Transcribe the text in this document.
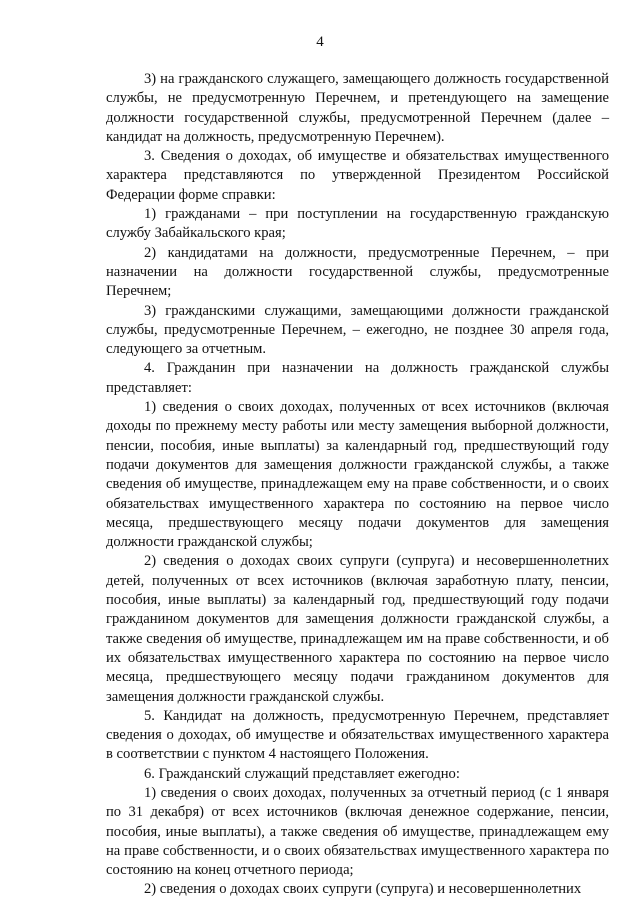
4

3) на гражданского служащего, замещающего должность государственной службы, не предусмотренную Перечнем, и претендующего на замещение должности государственной службы, предусмотренной Перечнем (далее – кандидат на должность, предусмотренную Перечнем).

3. Сведения о доходах, об имуществе и обязательствах имущественного характера представляются по утвержденной Президентом Российской Федерации форме справки:

1) гражданами – при поступлении на государственную гражданскую службу Забайкальского края;

2) кандидатами на должности, предусмотренные Перечнем, – при назначении на должности государственной службы, предусмотренные Перечнем;

3) гражданскими служащими, замещающими должности гражданской службы, предусмотренные Перечнем, – ежегодно, не позднее 30 апреля года, следующего за отчетным.

4. Гражданин при назначении на должность гражданской службы представляет:

1) сведения о своих доходах, полученных от всех источников (включая доходы по прежнему месту работы или месту замещения выборной должности, пенсии, пособия, иные выплаты) за календарный год, предшествующий году подачи документов для замещения должности гражданской службы, а также сведения об имуществе, принадлежащем ему на праве собственности, и о своих обязательствах имущественного характера по состоянию на первое число месяца, предшествующего месяцу подачи документов для замещения должности гражданской службы;

2) сведения о доходах своих супруги (супруга) и несовершеннолетних детей, полученных от всех источников (включая заработную плату, пенсии, пособия, иные выплаты) за календарный год, предшествующий году подачи гражданином документов для замещения должности гражданской службы, а также сведения об имуществе, принадлежащем им на праве собственности, и об их обязательствах имущественного характера по состоянию на первое число месяца, предшествующего месяцу подачи гражданином документов для замещения должности гражданской службы.

5. Кандидат на должность, предусмотренную Перечнем, представляет сведения о доходах, об имуществе и обязательствах имущественного характера в соответствии с пунктом 4 настоящего Положения.

6. Гражданский служащий представляет ежегодно:

1) сведения о своих доходах, полученных за отчетный период (с 1 января по 31 декабря) от всех источников (включая денежное содержание, пенсии, пособия, иные выплаты), а также сведения об имуществе, принадлежащем ему на праве собственности, и о своих обязательствах имущественного характера по состоянию на конец отчетного периода;

2) сведения о доходах своих супруги (супруга) и несовершеннолетних
